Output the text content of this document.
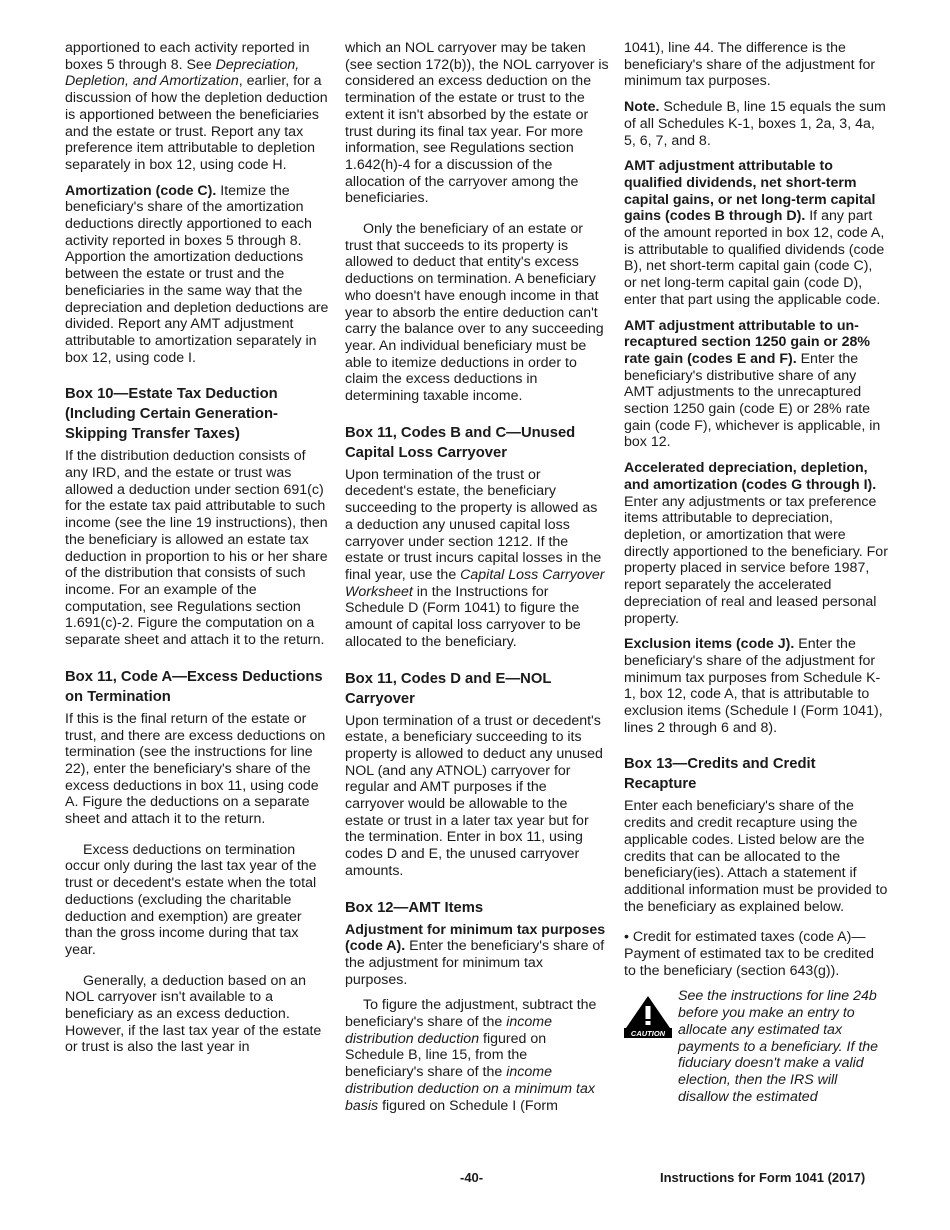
apportioned to each activity reported in boxes 5 through 8. See Depreciation, Depletion, and Amortization, earlier, for a discussion of how the depletion deduction is apportioned between the beneficiaries and the estate or trust. Report any tax preference item attributable to depletion separately in box 12, using code H.

Amortization (code C). Itemize the beneficiary's share of the amortization deductions directly apportioned to each activity reported in boxes 5 through 8. Apportion the amortization deductions between the estate or trust and the beneficiaries in the same way that the depreciation and depletion deductions are divided. Report any AMT adjustment attributable to amortization separately in box 12, using code I.

Box 10—Estate Tax Deduction (Including Certain Generation-Skipping Transfer Taxes)

If the distribution deduction consists of any IRD, and the estate or trust was allowed a deduction under section 691(c) for the estate tax paid attributable to such income (see the line 19 instructions), then the beneficiary is allowed an estate tax deduction in proportion to his or her share of the distribution that consists of such income. For an example of the computation, see Regulations section 1.691(c)-2. Figure the computation on a separate sheet and attach it to the return.

Box 11, Code A—Excess Deductions on Termination

If this is the final return of the estate or trust, and there are excess deductions on termination (see the instructions for line 22), enter the beneficiary's share of the excess deductions in box 11, using code A. Figure the deductions on a separate sheet and attach it to the return.

Excess deductions on termination occur only during the last tax year of the trust or decedent's estate when the total deductions (excluding the charitable deduction and exemption) are greater than the gross income during that tax year.

Generally, a deduction based on an NOL carryover isn't available to a beneficiary as an excess deduction. However, if the last tax year of the estate or trust is also the last year in

which an NOL carryover may be taken (see section 172(b)), the NOL carryover is considered an excess deduction on the termination of the estate or trust to the extent it isn't absorbed by the estate or trust during its final tax year. For more information, see Regulations section 1.642(h)-4 for a discussion of the allocation of the carryover among the beneficiaries.

Only the beneficiary of an estate or trust that succeeds to its property is allowed to deduct that entity's excess deductions on termination. A beneficiary who doesn't have enough income in that year to absorb the entire deduction can't carry the balance over to any succeeding year. An individual beneficiary must be able to itemize deductions in order to claim the excess deductions in determining taxable income.

Box 11, Codes B and C—Unused Capital Loss Carryover

Upon termination of the trust or decedent's estate, the beneficiary succeeding to the property is allowed as a deduction any unused capital loss carryover under section 1212. If the estate or trust incurs capital losses in the final year, use the Capital Loss Carryover Worksheet in the Instructions for Schedule D (Form 1041) to figure the amount of capital loss carryover to be allocated to the beneficiary.

Box 11, Codes D and E—NOL Carryover

Upon termination of a trust or decedent's estate, a beneficiary succeeding to its property is allowed to deduct any unused NOL (and any ATNOL) carryover for regular and AMT purposes if the carryover would be allowable to the estate or trust in a later tax year but for the termination. Enter in box 11, using codes D and E, the unused carryover amounts.

Box 12—AMT Items

Adjustment for minimum tax purposes (code A). Enter the beneficiary's share of the adjustment for minimum tax purposes.

To figure the adjustment, subtract the beneficiary's share of the income distribution deduction figured on Schedule B, line 15, from the beneficiary's share of the income distribution deduction on a minimum tax basis figured on Schedule I (Form

1041), line 44. The difference is the beneficiary's share of the adjustment for minimum tax purposes.

Note. Schedule B, line 15 equals the sum of all Schedules K-1, boxes 1, 2a, 3, 4a, 5, 6, 7, and 8.

AMT adjustment attributable to qualified dividends, net short-term capital gains, or net long-term capital gains (codes B through D). If any part of the amount reported in box 12, code A, is attributable to qualified dividends (code B), net short-term capital gain (code C), or net long-term capital gain (code D), enter that part using the applicable code.

AMT adjustment attributable to unrecaptured section 1250 gain or 28% rate gain (codes E and F). Enter the beneficiary's distributive share of any AMT adjustments to the unrecaptured section 1250 gain (code E) or 28% rate gain (code F), whichever is applicable, in box 12.

Accelerated depreciation, depletion, and amortization (codes G through I). Enter any adjustments or tax preference items attributable to depreciation, depletion, or amortization that were directly apportioned to the beneficiary. For property placed in service before 1987, report separately the accelerated depreciation of real and leased personal property.

Exclusion items (code J). Enter the beneficiary's share of the adjustment for minimum tax purposes from Schedule K-1, box 12, code A, that is attributable to exclusion items (Schedule I (Form 1041), lines 2 through 6 and 8).

Box 13—Credits and Credit Recapture

Enter each beneficiary's share of the credits and credit recapture using the applicable codes. Listed below are the credits that can be allocated to the beneficiary(ies). Attach a statement if additional information must be provided to the beneficiary as explained below.

• Credit for estimated taxes (code A)—Payment of estimated tax to be credited to the beneficiary (section 643(g)).

CAUTION
See the instructions for line 24b before you make an entry to allocate any estimated tax payments to a beneficiary. If the fiduciary doesn't make a valid election, then the IRS will disallow the estimated
-40-	Instructions for Form 1041 (2017)
